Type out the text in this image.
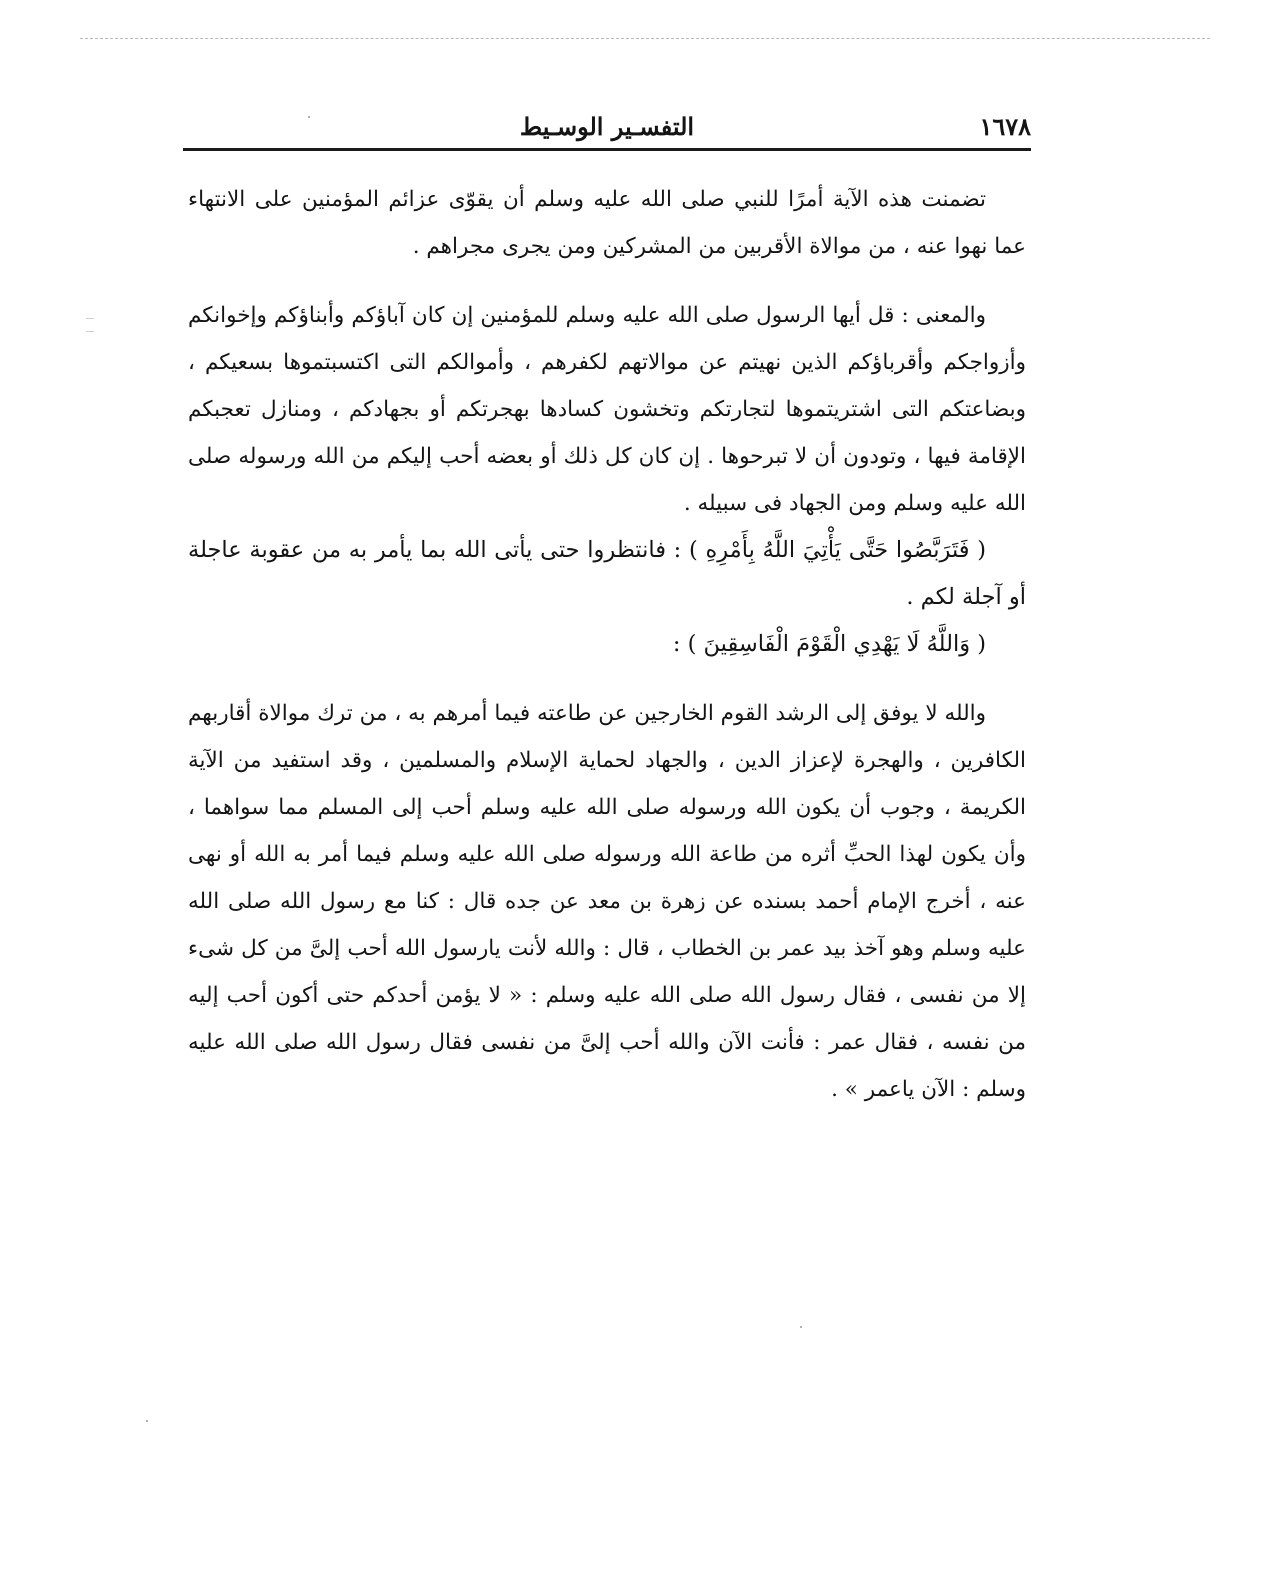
١٦٧٨
التفسـير الوسـيط

تضمنت هذه الآية أمرًا للنبي صلى الله عليه وسلم أن يقوّى عزائم المؤمنين على الانتهاء عما نهوا عنه ، من موالاة الأقربين من المشركين ومن يجرى مجراهم .

والمعنى : قل أيها الرسول صلى الله عليه وسلم للمؤمنين إن كان آباؤكم وأبناؤكم وإخوانكم وأزواجكم وأقرباؤكم الذين نهيتم عن موالاتهم لكفرهم ، وأموالكم التى اكتسبتموها بسعيكم ، وبضاعتكم التى اشتريتموها لتجارتكم وتخشون كسادها بهجرتكم أو بجهادكم ، ومنازل تعجبكم الإقامة فيها ، وتودون أن لا تبرحوها . إن كان كل ذلك أو بعضه أحب إليكم من الله ورسوله صلى الله عليه وسلم ومن الجهاد فى سبيله .

( فَتَرَبَّصُوا حَتَّى يَأْتِيَ اللَّهُ بِأَمْرِهِ ) : فانتظروا حتى يأتى الله بما يأمر به من عقوبة عاجلة أو آجلة لكم .

( وَاللَّهُ لَا يَهْدِي الْقَوْمَ الْفَاسِقِينَ ) :

والله لا يوفق إلى الرشد القوم الخارجين عن طاعته فيما أمرهم به ، من ترك موالاة أقاربهم الكافرين ، والهجرة لإعزاز الدين ، والجهاد لحماية الإسلام والمسلمين ، وقد استفيد من الآية الكريمة ، وجوب أن يكون الله ورسوله صلى الله عليه وسلم أحب إلى المسلم مما سواهما ، وأن يكون لهذا الحبِّ أثره من طاعة الله ورسوله صلى الله عليه وسلم فيما أمر به الله أو نهى عنه ، أخرج الإمام أحمد بسنده عن زهرة بن معد عن جده قال : كنا مع رسول الله صلى الله عليه وسلم وهو آخذ بيد عمر بن الخطاب ، قال : والله لأنت يارسول الله أحب إلىَّ من كل شىء إلا من نفسى ، فقال رسول الله صلى الله عليه وسلم : « لا يؤمن أحدكم حتى أكون أحب إليه من نفسه ، فقال عمر : فأنت الآن والله أحب إلىَّ من نفسى فقال رسول الله صلى الله عليه وسلم : الآن ياعمر » .
